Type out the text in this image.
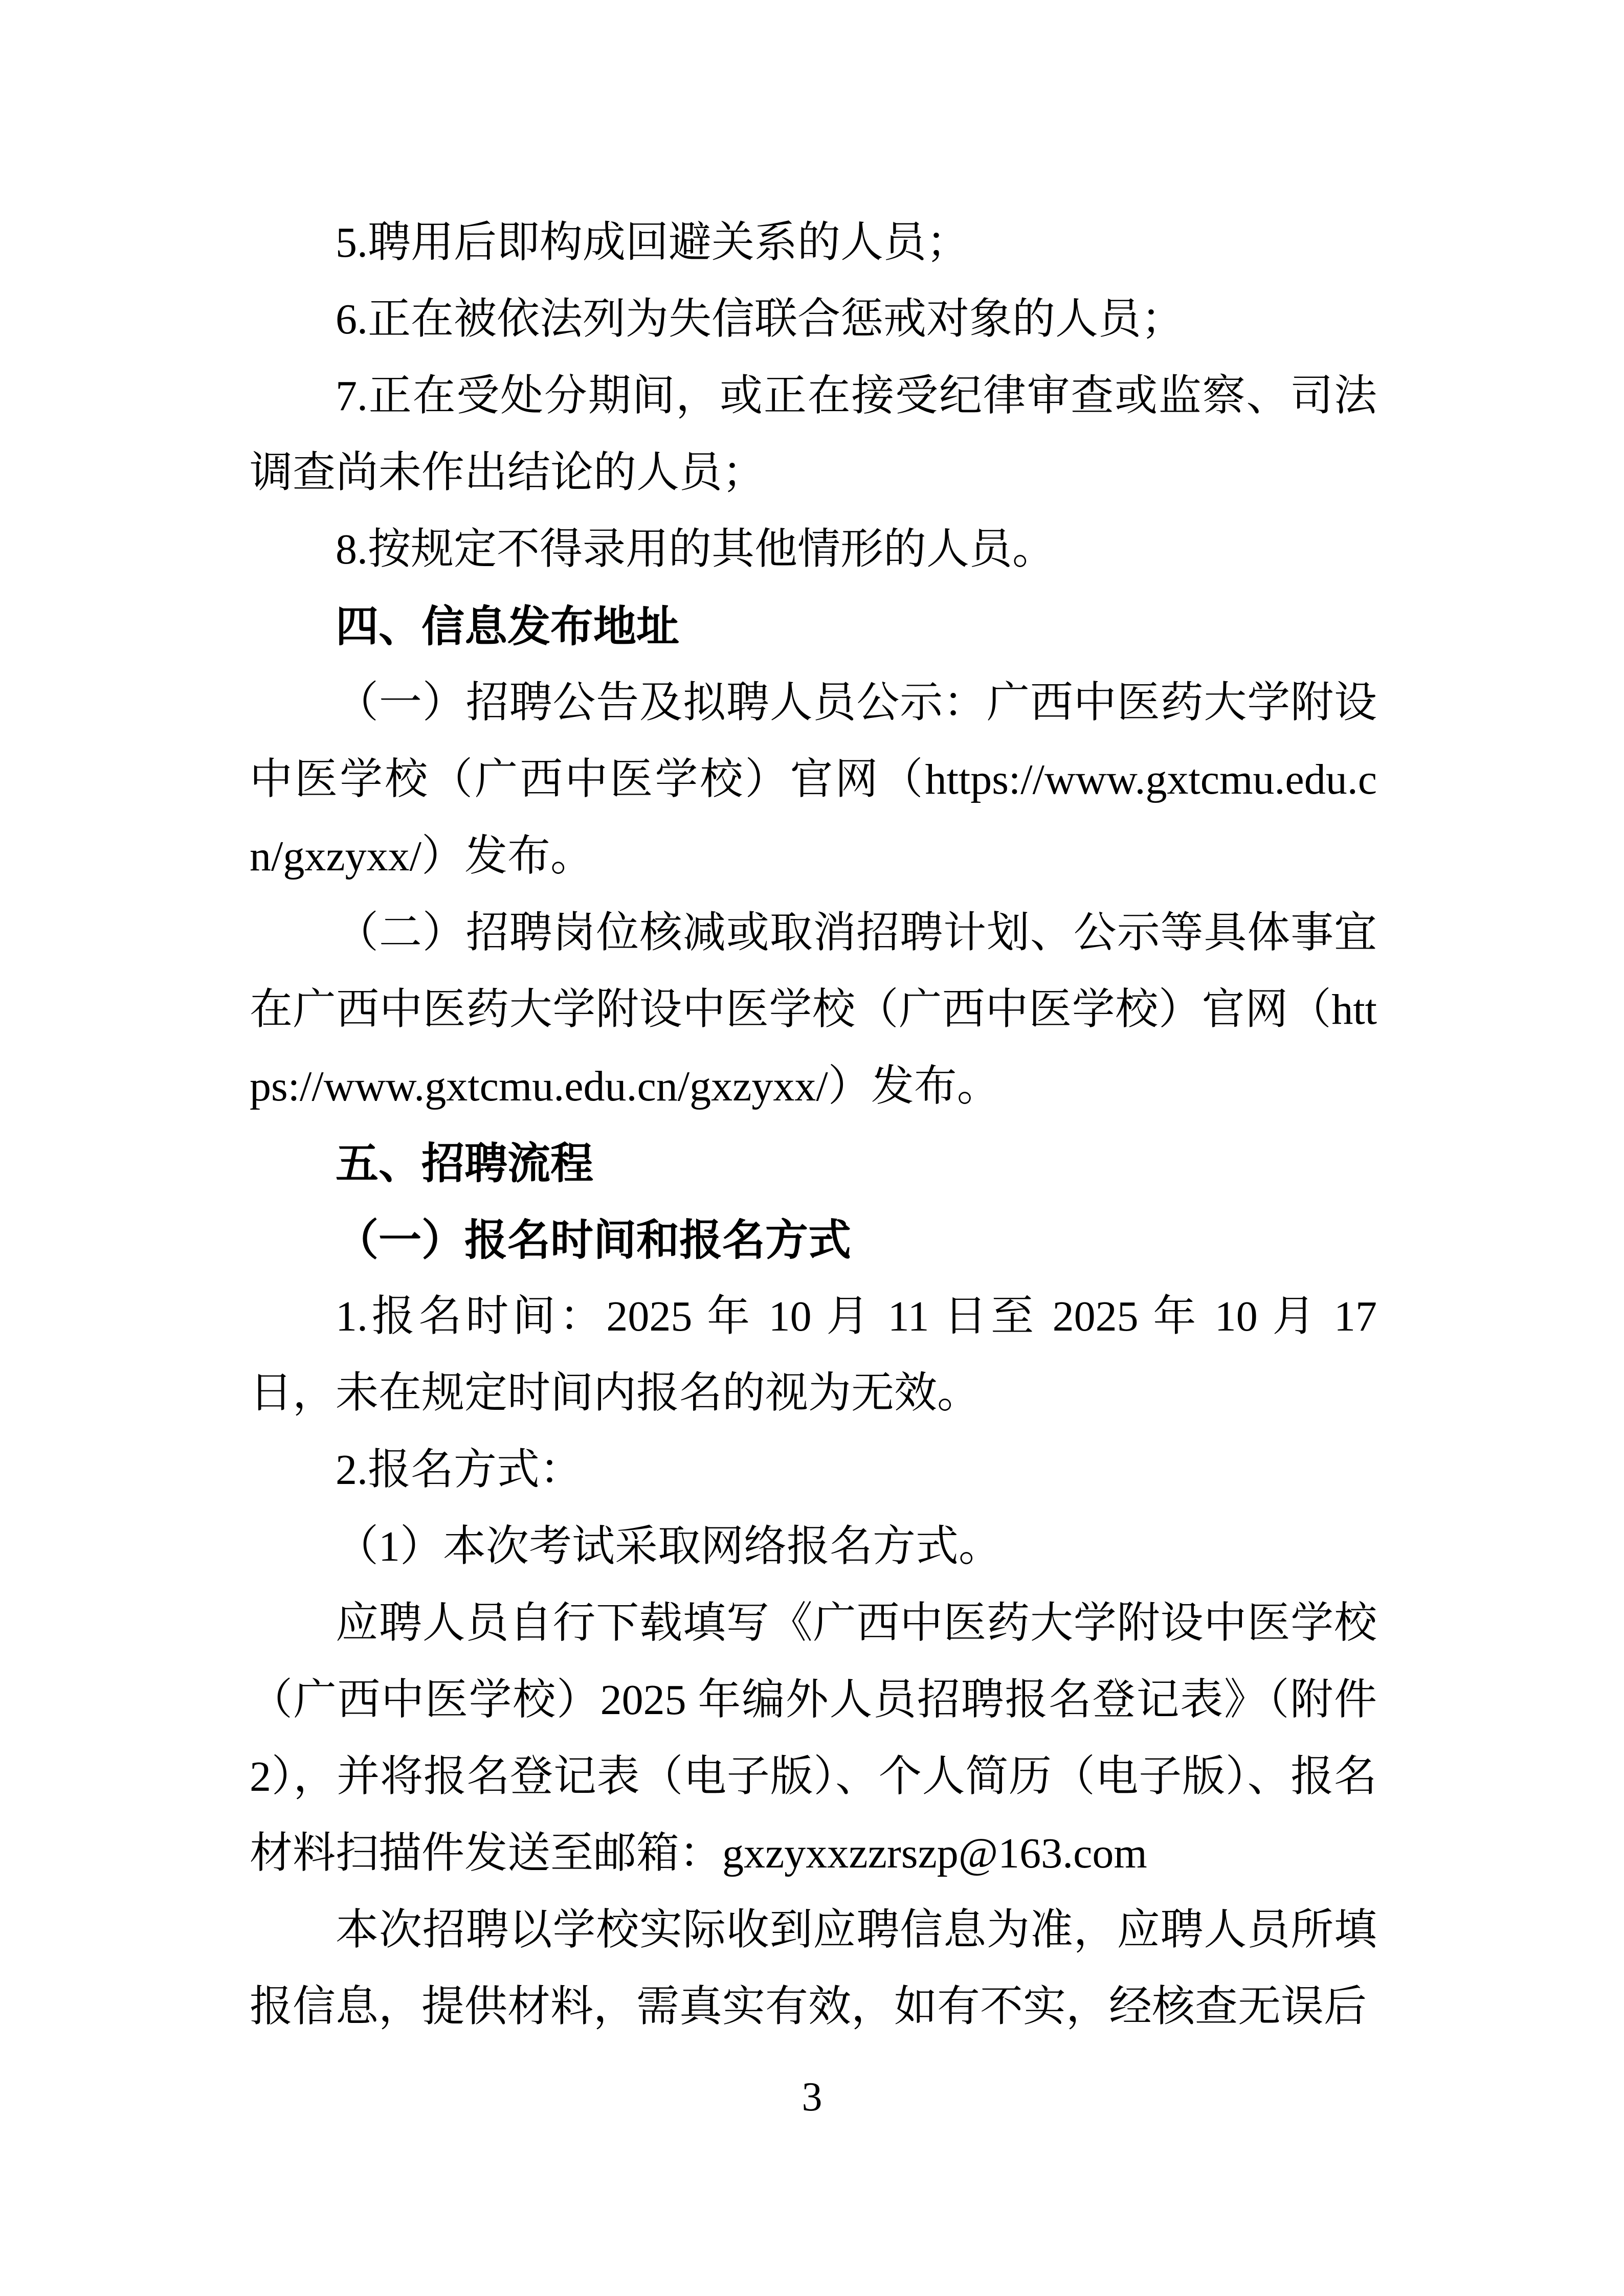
5.聘用后即构成回避关系的人员；

6.正在被依法列为失信联合惩戒对象的人员；

7.正在受处分期间，或正在接受纪律审查或监察、司法调查尚未作出结论的人员；

8.按规定不得录用的其他情形的人员。

四、信息发布地址

（一）招聘公告及拟聘人员公示：广西中医药大学附设中医学校（广西中医学校）官网（https://www.gxtcmu.edu.cn/gxzyxx/）发布。

（二）招聘岗位核减或取消招聘计划、公示等具体事宜在广西中医药大学附设中医学校（广西中医学校）官网（https://www.gxtcmu.edu.cn/gxzyxx/）发布。

五、招聘流程

（一）报名时间和报名方式

1.报名时间：2025 年 10 月 11 日至 2025 年 10 月 17 日，未在规定时间内报名的视为无效。

2.报名方式：

（1）本次考试采取网络报名方式。

应聘人员自行下载填写《广西中医药大学附设中医学校（广西中医学校）2025 年编外人员招聘报名登记表》（附件 2），并将报名登记表（电子版）、个人简历（电子版）、报名材料扫描件发送至邮箱：gxzyxxzzrszp@163.com

本次招聘以学校实际收到应聘信息为准，应聘人员所填报信息，提供材料，需真实有效，如有不实，经核查无误后

3
